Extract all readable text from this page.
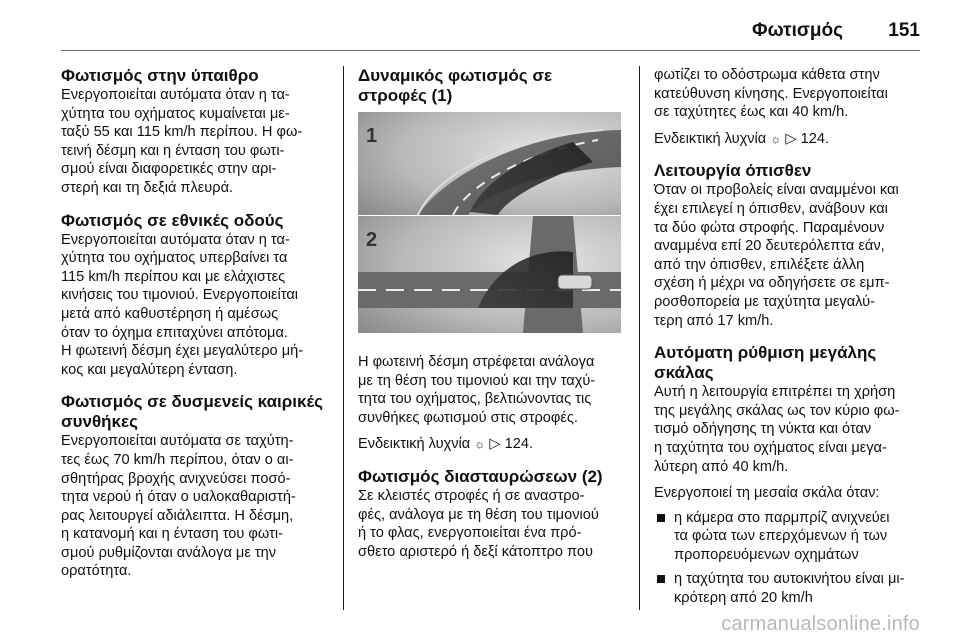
Φωτισμός 151
Φωτισμός στην ύπαιθρο

Ενεργοποιείται αυτόματα όταν η τα-

χύτητα του οχήματος κυμαίνεται με-

ταξύ 55 και 115 km/h περίπου. Η φω-

τεινή δέσμη και η ένταση του φωτι-

σμού είναι διαφορετικές στην αρι-

στερή και τη δεξιά πλευρά.

Φωτισμός σε εθνικές οδούς

Ενεργοποιείται αυτόματα όταν η τα-

χύτητα του οχήματος υπερβαίνει τα

115 km/h περίπου και με ελάχιστες

κινήσεις του τιμονιού. Ενεργοποιείται

μετά από καθυστέρηση ή αμέσως

όταν το όχημα επιταχύνει απότομα.

Η φωτεινή δέσμη έχει μεγαλύτερο μή-

κος και μεγαλύτερη ένταση.

Φωτισμός σε δυσμενείς καιρικές
συνθήκες

Ενεργοποιείται αυτόματα σε ταχύτη-

τες έως 70 km/h περίπου, όταν ο αι-

σθητήρας βροχής ανιχνεύσει ποσό-

τητα νερού ή όταν ο υαλοκαθαριστή-

ρας λειτουργεί αδιάλειπτα. Η δέσμη,

η κατανομή και η ένταση του φωτι-

σμού ρυθμίζονται ανάλογα με την

ορατότητα.

Δυναμικός φωτισμός σε
στροφές (1)
1
2

Η φωτεινή δέσμη στρέφεται ανάλογα

με τη θέση του τιμονιού και την ταχύ-

τητα του οχήματος, βελτιώνοντας τις

συνθήκες φωτισμού στις στροφές.

Ενδεικτική λυχνία ☼ ▷ 124.

Φωτισμός διασταυρώσεων (2)

Σε κλειστές στροφές ή σε αναστρο-

φές, ανάλογα με τη θέση του τιμονιού

ή το φλας, ενεργοποιείται ένα πρό-

σθετο αριστερό ή δεξί κάτοπτρο που

φωτίζει το οδόστρωμα κάθετα στην

κατεύθυνση κίνησης. Ενεργοποιείται

σε ταχύτητες έως και 40 km/h.

Ενδεικτική λυχνία ☼ ▷ 124.

Λειτουργία όπισθεν

Όταν οι προβολείς είναι αναμμένοι και

έχει επιλεγεί η όπισθεν, ανάβουν και

τα δύο φώτα στροφής. Παραμένουν

αναμμένα επί 20 δευτερόλεπτα εάν,

από την όπισθεν, επιλέξετε άλλη

σχέση ή μέχρι να οδηγήσετε σε εμπ-

ροσθοπορεία με ταχύτητα μεγαλύ-

τερη από 17 km/h.

Αυτόματη ρύθμιση μεγάλης
σκάλας

Αυτή η λειτουργία επιτρέπει τη χρήση

της μεγάλης σκάλας ως τον κύριο φω-

τισμό οδήγησης τη νύκτα και όταν

η ταχύτητα του οχήματος είναι μεγα-

λύτερη από 40 km/h.

Ενεργοποιεί τη μεσαία σκάλα όταν:

η κάμερα στο παρμπρίζ ανιχνεύει

τα φώτα των επερχόμενων ή των

προπορευόμενων οχημάτων

η ταχύτητα του αυτοκινήτου είναι μι-

κρότερη από 20 km/h

carmanualsonline.info
